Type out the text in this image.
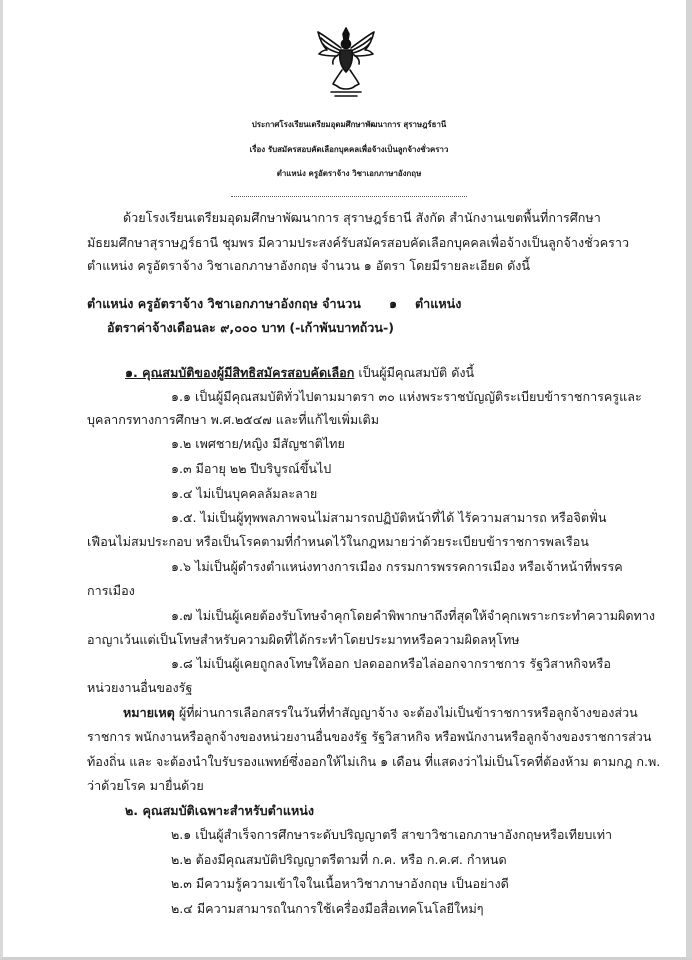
ประกาศโรงเรียนเตรียมอุดมศึกษาพัฒนาการ สุราษฎร์ธานี
เรื่อง รับสมัครสอบคัดเลือกบุคคลเพื่อจ้างเป็นลูกจ้างชั่วคราว
ตำแหน่ง ครูอัตราจ้าง วิชาเอกภาษาอังกฤษ
ด้วยโรงเรียนเตรียมอุดมศึกษาพัฒนาการ สุราษฎร์ธานี สังกัด สำนักงานเขตพื้นที่การศึกษา
มัธยมศึกษาสุราษฎร์ธานี ชุมพร มีความประสงค์รับสมัครสอบคัดเลือกบุคคลเพื่อจ้างเป็นลูกจ้างชั่วคราว
ตำแหน่ง ครูอัตราจ้าง วิชาเอกภาษาอังกฤษ จำนวน ๑ อัตรา โดยมีรายละเอียด ดังนี้
ตำแหน่ง ครูอัตราจ้าง วิชาเอกภาษาอังกฤษ จำนวน ๑ ตำแหน่ง
อัตราค่าจ้างเดือนละ ๙,๐๐๐ บาท (-เก้าพันบาทถ้วน-)
๑. คุณสมบัติของผู้มีสิทธิสมัครสอบคัดเลือก เป็นผู้มีคุณสมบัติ ดังนี้
๑.๑ เป็นผู้มีคุณสมบัติทั่วไปตามมาตรา ๓๐ แห่งพระราชบัญญัติระเบียบข้าราชการครูและ
บุคลากรทางการศึกษา พ.ศ.๒๕๔๗ และที่แก้ไขเพิ่มเติม
๑.๒ เพศชาย/หญิง มีสัญชาติไทย
๑.๓ มีอายุ ๒๒ ปีบริบูรณ์ขึ้นไป
๑.๔ ไม่เป็นบุคคลล้มละลาย
๑.๕. ไม่เป็นผู้ทุพพลภาพจนไม่สามารถปฏิบัติหน้าที่ได้ ไร้ความสามารถ หรือจิตฟั่น
เฟือนไม่สมประกอบ หรือเป็นโรคตามที่กำหนดไว้ในกฎหมายว่าด้วยระเบียบข้าราชการพลเรือน
๑.๖ ไม่เป็นผู้ดำรงตำแหน่งทางการเมือง กรรมการพรรคการเมือง หรือเจ้าหน้าที่พรรค
การเมือง
๑.๗ ไม่เป็นผู้เคยต้องรับโทษจำคุกโดยคำพิพากษาถึงที่สุดให้จำคุกเพราะกระทำความผิดทาง
อาญาเว้นแต่เป็นโทษสำหรับความผิดที่ได้กระทำโดยประมาทหรือความผิดลหุโทษ
๑.๘ ไม่เป็นผู้เคยถูกลงโทษให้ออก ปลดออกหรือไล่ออกจากราชการ รัฐวิสาหกิจหรือ
หน่วยงานอื่นของรัฐ
หมายเหตุ ผู้ที่ผ่านการเลือกสรรในวันที่ทำสัญญาจ้าง จะต้องไม่เป็นข้าราชการหรือลูกจ้างของส่วน
ราชการ พนักงานหรือลูกจ้างของหน่วยงานอื่นของรัฐ รัฐวิสาหกิจ หรือพนักงานหรือลูกจ้างของราชการส่วน
ท้องถิ่น และ จะต้องนำใบรับรองแพทย์ซึ่งออกให้ไม่เกิน ๑ เดือน ที่แสดงว่าไม่เป็นโรคที่ต้องห้าม ตามกฎ ก.พ.
ว่าด้วยโรค มายื่นด้วย
๒. คุณสมบัติเฉพาะสำหรับตำแหน่ง
๒.๑ เป็นผู้สำเร็จการศึกษาระดับปริญญาตรี สาขาวิชาเอกภาษาอังกฤษหรือเทียบเท่า
๒.๒ ต้องมีคุณสมบัติปริญญาตรีตามที่ ก.ค. หรือ ก.ค.ศ. กำหนด
๒.๓ มีความรู้ความเข้าใจในเนื้อหาวิชาภาษาอังกฤษ เป็นอย่างดี
๒.๔ มีความสามารถในการใช้เครื่องมือสื่อเทคโนโลยีใหม่ๆ
